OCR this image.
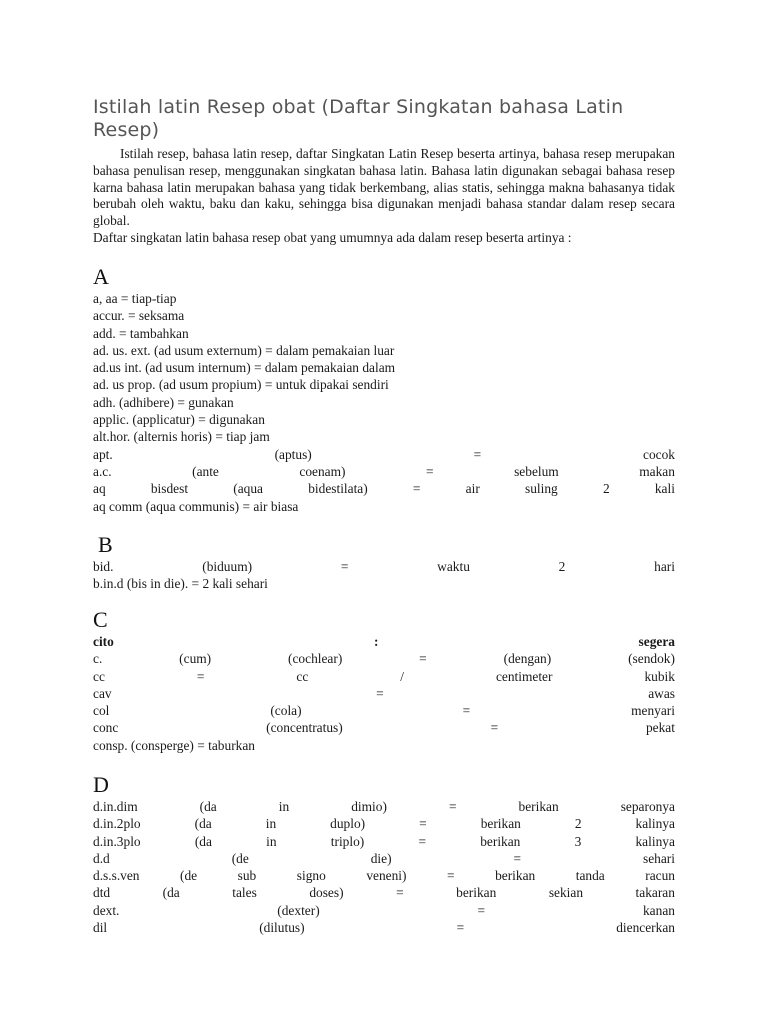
Istilah latin Resep obat (Daftar Singkatan bahasa Latin Resep)

Istilah resep, bahasa latin resep, daftar Singkatan Latin Resep beserta artinya, bahasa resep merupakan bahasa penulisan resep, menggunakan singkatan bahasa latin. Bahasa latin digunakan sebagai bahasa resep karna bahasa latin merupakan bahasa yang tidak berkembang, alias statis, sehingga makna bahasanya tidak berubah oleh waktu, baku dan kaku, sehingga bisa digunakan menjadi bahasa standar dalam resep secara global.

Daftar singkatan latin bahasa resep obat yang umumnya ada dalam resep beserta artinya :

A
a, aa = tiap-tiap
accur. = seksama
add. = tambahkan
ad. us. ext. (ad usum externum) = dalam pemakaian luar
ad.us int. (ad usum internum) = dalam pemakaian dalam
ad. us prop. (ad usum propium) = untuk dipakai sendiri
adh. (adhibere) = gunakan
applic. (applicatur) = digunakan
alt.hor. (alternis horis) = tiap jam
apt.	(aptus)	=	cocok
a.c.	(ante	coenam)	=	sebelum	makan
aq	bisdest	(aqua	bidestilata)	=	air	suling	2	kali
aq comm (aqua communis) = air biasa
B
bid.	(biduum)	=	waktu	2	hari
b.in.d (bis in die). = 2 kali sehari
C
cito	:	segera
c.	(cum)	(cochlear)	=	(dengan)	(sendok)
cc	=	cc	/	centimeter	kubik
cav	=	awas
col	(cola)	=	menyari
conc	(concentratus)	=	pekat
consp. (consperge) = taburkan
D
d.in.dim	(da	in	dimio)	=	berikan	separonya
d.in.2plo	(da	in	duplo)	=	berikan	2	kalinya
d.in.3plo	(da	in	triplo)	=	berikan	3	kalinya
d.d	(de	die)	=	sehari
d.s.s.ven	(de	sub	signo	veneni)	=	berikan	tanda	racun
dtd	(da	tales	doses)	=	berikan	sekian	takaran
dext.	(dexter)	=	kanan
dil	(dilutus)	=	diencerkan
